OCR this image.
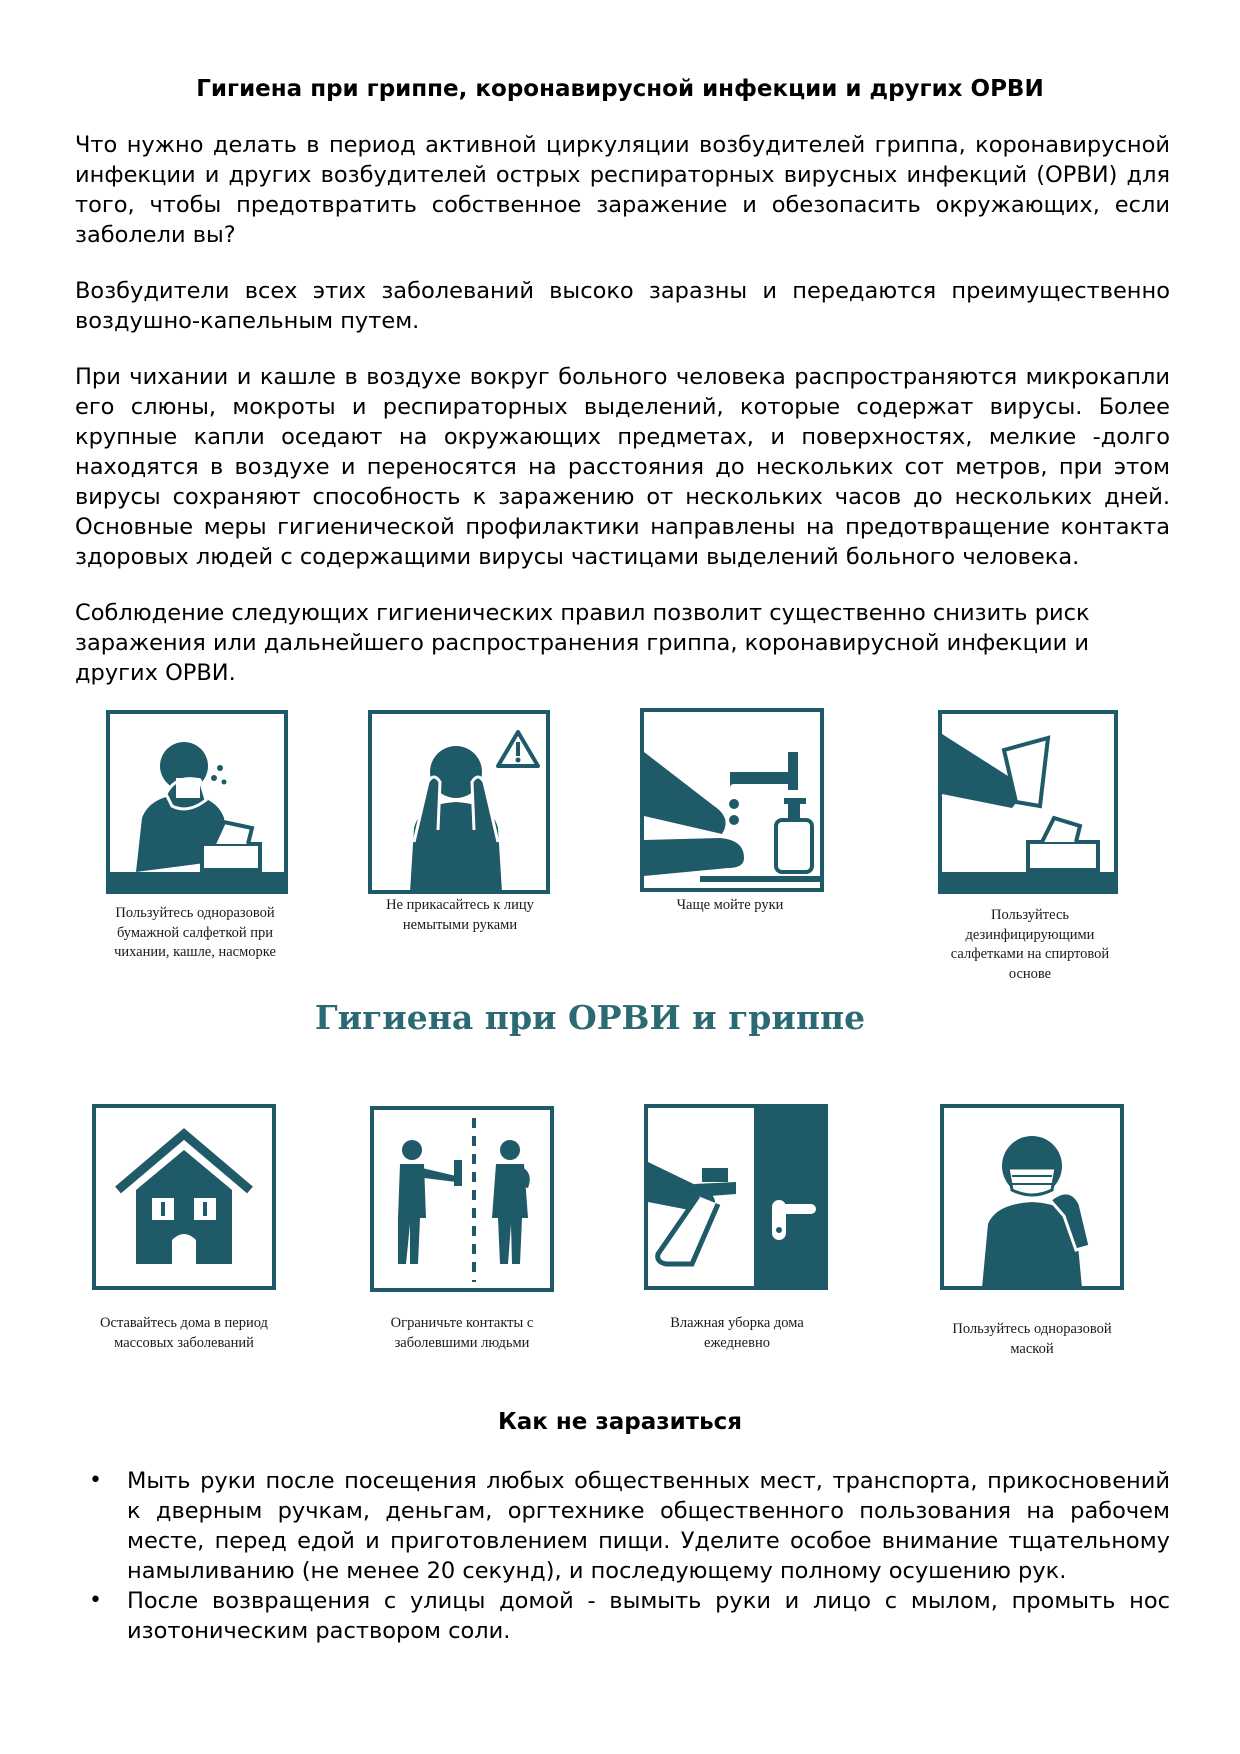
Гигиена при гриппе, коронавирусной инфекции и других ОРВИ

Что нужно делать в период активной циркуляции возбудителей гриппа, коронавирусной инфекции и других возбудителей острых респираторных вирусных инфекций (ОРВИ) для того, чтобы предотвратить собственное заражение и обезопасить окружающих, если заболели вы?

Возбудители всех этих заболеваний высоко заразны и передаются преимущественно воздушно-капельным путем.

При чихании и кашле в воздухе вокруг больного человека распространяются микрокапли его слюны, мокроты и респираторных выделений, которые содержат вирусы. Более крупные капли оседают на окружающих предметах, и поверхностях, мелкие -долго находятся в воздухе и переносятся на расстояния до нескольких сот метров, при этом вирусы сохраняют способность к заражению от нескольких часов до нескольких дней. Основные меры гигиенической профилактики направлены на предотвращение контакта здоровых людей с содержащими вирусы частицами выделений больного человека.

Соблюдение следующих гигиенических правил позволит существенно снизить риск заражения или дальнейшего распространения гриппа, коронавирусной инфекции и других ОРВИ.

Пользуйтесь одноразовой бумажной салфеткой при чихании, кашле, насморке
Не прикасайтесь к лицу немытыми руками
Чаще мойте руки
Пользуйтесь дезинфицирующими салфетками на спиртовой основе
Гигиена при ОРВИ и гриппе
Оставайтесь дома в период массовых заболеваний
Ограничьте контакты с заболевшими людьми
Влажная уборка дома ежедневно
Пользуйтесь одноразовой маской
Как не заразиться
• Мыть руки после посещения любых общественных мест, транспорта, прикосновений к дверным ручкам, деньгам, оргтехнике общественного пользования на рабочем месте, перед едой и приготовлением пищи. Уделите особое внимание тщательному намыливанию (не менее 20 секунд), и последующему полному осушению рук.
• После возвращения с улицы домой - вымыть руки и лицо с мылом, промыть нос изотоническим раствором соли.
